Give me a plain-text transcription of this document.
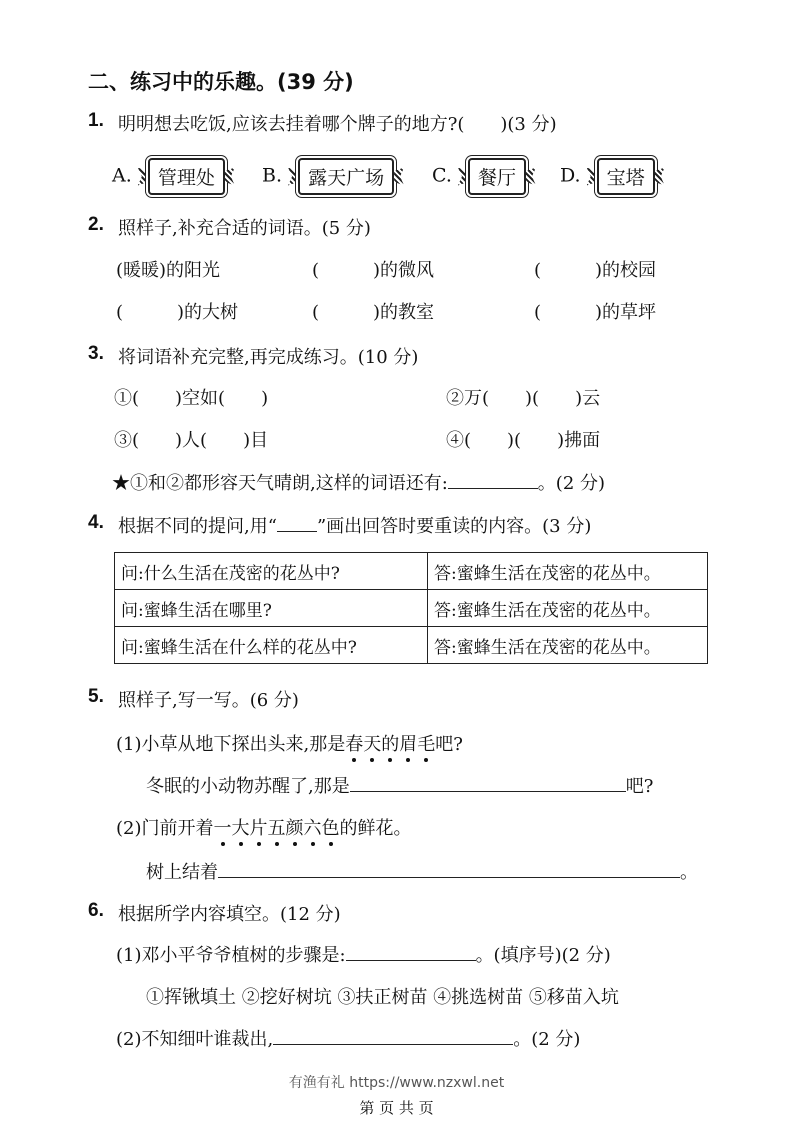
二、练习中的乐趣。(39 分)
1. 明明想去吃饭,应该去挂着哪个牌子的地方?(　　)(3 分)
A. 管理处	B. 露天广场	C. 餐厅	D. 宝塔
2. 照样子,补充合适的词语。(5 分)
(暖暖)的阳光	(　　　)的微风	(　　　)的校园
(　　　)的大树	(　　　)的教室	(　　　)的草坪
3. 将词语补充完整,再完成练习。(10 分)
①(　　)空如(　　)	②万(　　)(　　)云
③(　　)人(　　)目	④(　　)(　　)拂面
★①和②都形容天气晴朗,这样的词语还有:	。(2 分)
4. 根据不同的提问,用“ ”画出回答时要重读的内容。(3 分)
问:什么生活在茂密的花丛中?	答:蜜蜂生活在茂密的花丛中。
问:蜜蜂生活在哪里?	答:蜜蜂生活在茂密的花丛中。
问:蜜蜂生活在什么样的花丛中?	答:蜜蜂生活在茂密的花丛中。
5. 照样子,写一写。(6 分)
(1)小草从地下探出头来,那是春天的眉毛吧?
冬眠的小动物苏醒了,那是	吧?
(2)门前开着一大片五颜六色的鲜花。
树上结着	。
6. 根据所学内容填空。(12 分)
(1)邓小平爷爷植树的步骤是:	。(填序号)(2 分)
①挥锹填土 ②挖好树坑 ③扶正树苗 ④挑选树苗 ⑤移苗入坑
(2)不知细叶谁裁出,	。(2 分)
有渔有礼 https://www.nzxwl.net
第 页 共 页
